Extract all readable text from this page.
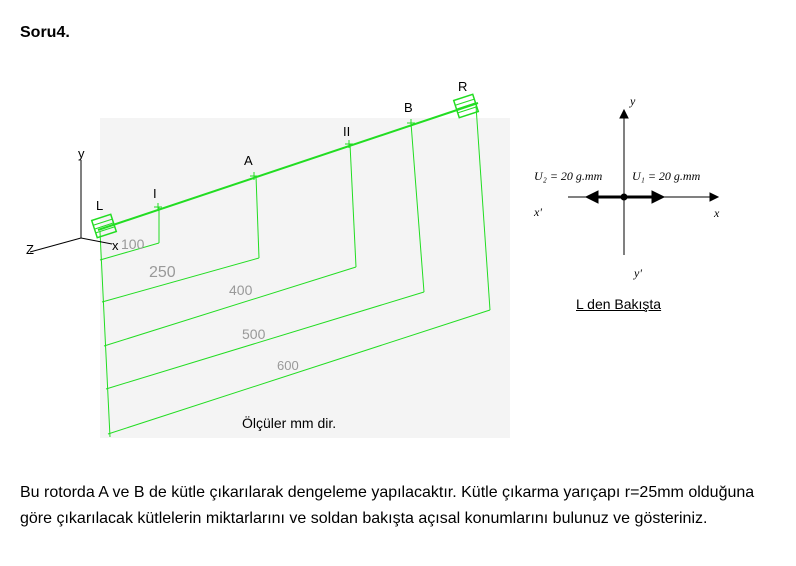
Soru4.
L
I
A
II
B
R
y
Z	x 100
250
400
500
600
Ölçüler mm dir.
y
x
x'
y'
U₂ = 20 g.mm U₁ = 20 g.mm
L den Bakışta
Bu rotorda A ve B de kütle çıkarılarak dengeleme yapılacaktır. Kütle çıkarma yarıçapı r=25mm olduğuna göre çıkarılacak kütlelerin miktarlarını ve soldan bakışta açısal konumlarını bulunuz ve gösteriniz.
